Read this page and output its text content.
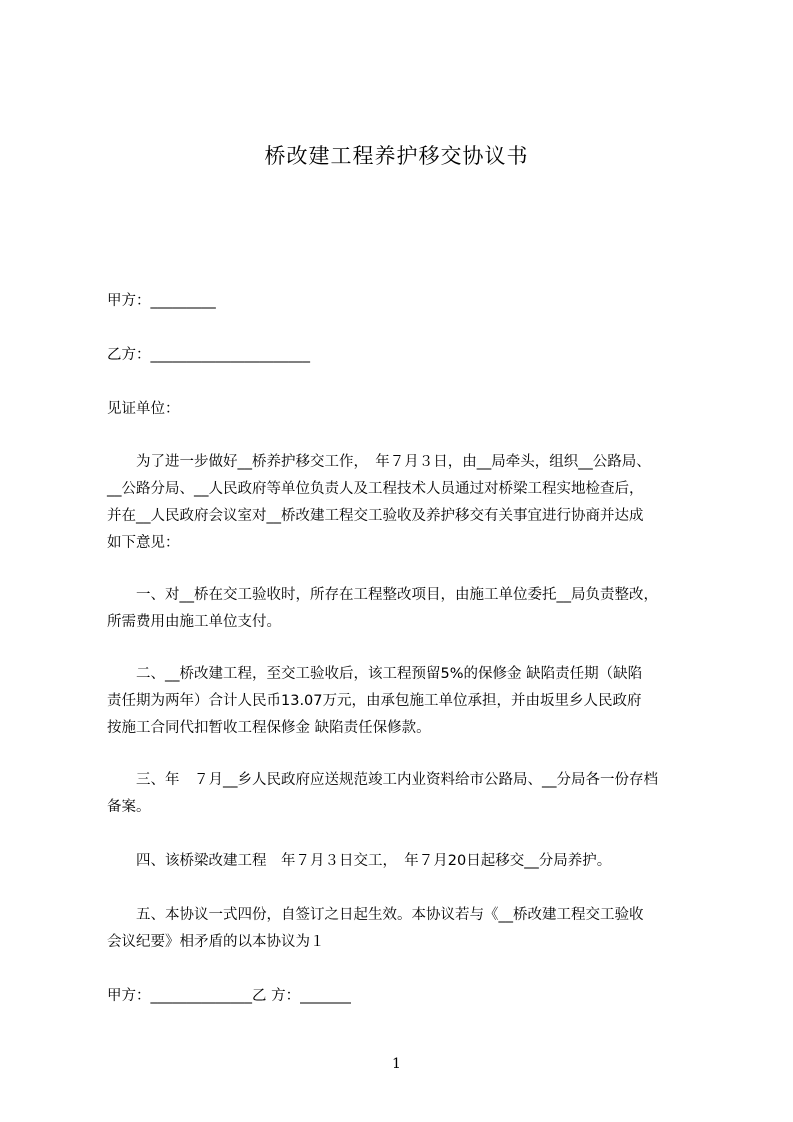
桥改建工程养护移交协议书
甲方：_________
乙方：______________________
见证单位：
　　为了进一步做好__桥养护移交工作，　年７月３日，由__局牵头，组织__公路局、
__公路分局、__人民政府等单位负责人及工程技术人员通过对桥梁工程实地检查后，
并在__人民政府会议室对__桥改建工程交工验收及养护移交有关事宜进行协商并达成
如下意见：
　　一、对__桥在交工验收时，所存在工程整改项目，由施工单位委托__局负责整改，
所需费用由施工单位支付。
　　二、__桥改建工程，至交工验收后，该工程预留5%的保修金 缺陷责任期（缺陷
责任期为两年）合计人民币13.07万元，由承包施工单位承担，并由坂里乡人民政府
按施工合同代扣暂收工程保修金 缺陷责任保修款。
　　三、年　７月__乡人民政府应送规范竣工内业资料给市公路局、__分局各一份存档
备案。
　　四、该桥梁改建工程　年７月３日交工，　年７月20日起移交__分局养护。
　　五、本协议一式四份，自签订之日起生效。本协议若与《__桥改建工程交工验收
会议纪要》相矛盾的以本协议为１
甲方：______________乙 方：_______
1
